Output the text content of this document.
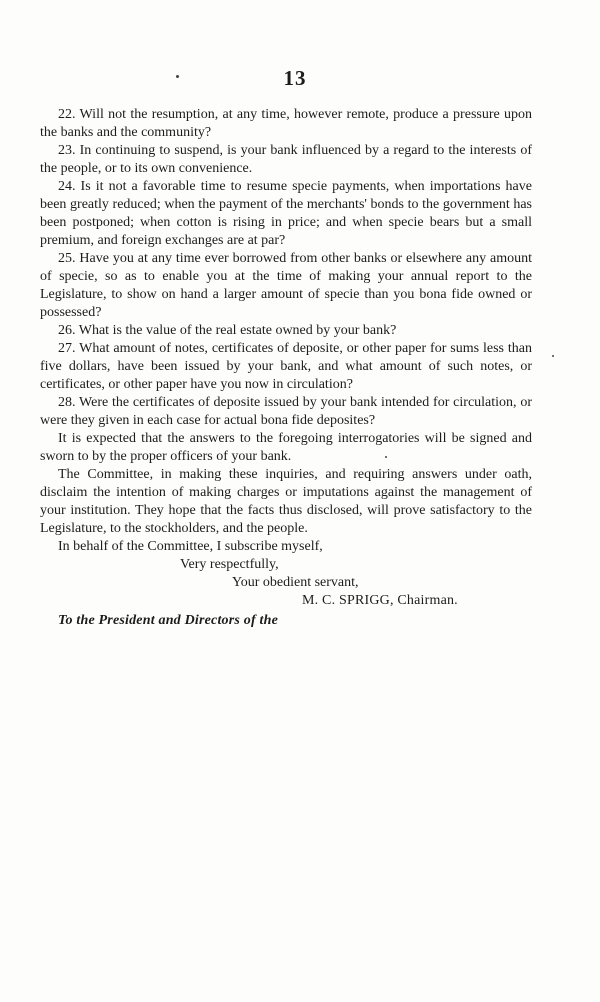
13

22. Will not the resumption, at any time, however remote, produce a pressure upon the banks and the community?

23. In continuing to suspend, is your bank influenced by a regard to the interests of the people, or to its own convenience.

24. Is it not a favorable time to resume specie payments, when importations have been greatly reduced; when the payment of the merchants' bonds to the government has been postponed; when cotton is rising in price; and when specie bears but a small premium, and foreign exchanges are at par?

25. Have you at any time ever borrowed from other banks or elsewhere any amount of specie, so as to enable you at the time of making your annual report to the Legislature, to show on hand a larger amount of specie than you bona fide owned or possessed?

26. What is the value of the real estate owned by your bank?

27. What amount of notes, certificates of deposite, or other paper for sums less than five dollars, have been issued by your bank, and what amount of such notes, or certificates, or other paper have you now in circulation?

28. Were the certificates of deposite issued by your bank intended for circulation, or were they given in each case for actual bona fide deposites?

It is expected that the answers to the foregoing interrogatories will be signed and sworn to by the proper officers of your bank.

The Committee, in making these inquiries, and requiring answers under oath, disclaim the intention of making charges or imputations against the management of your institution. They hope that the facts thus disclosed, will prove satisfactory to the Legislature, to the stockholders, and the people.

In behalf of the Committee, I subscribe myself,

Very respectfully,

Your obedient servant,

M. C. SPRIGG, Chairman.

To the President and Directors of the
